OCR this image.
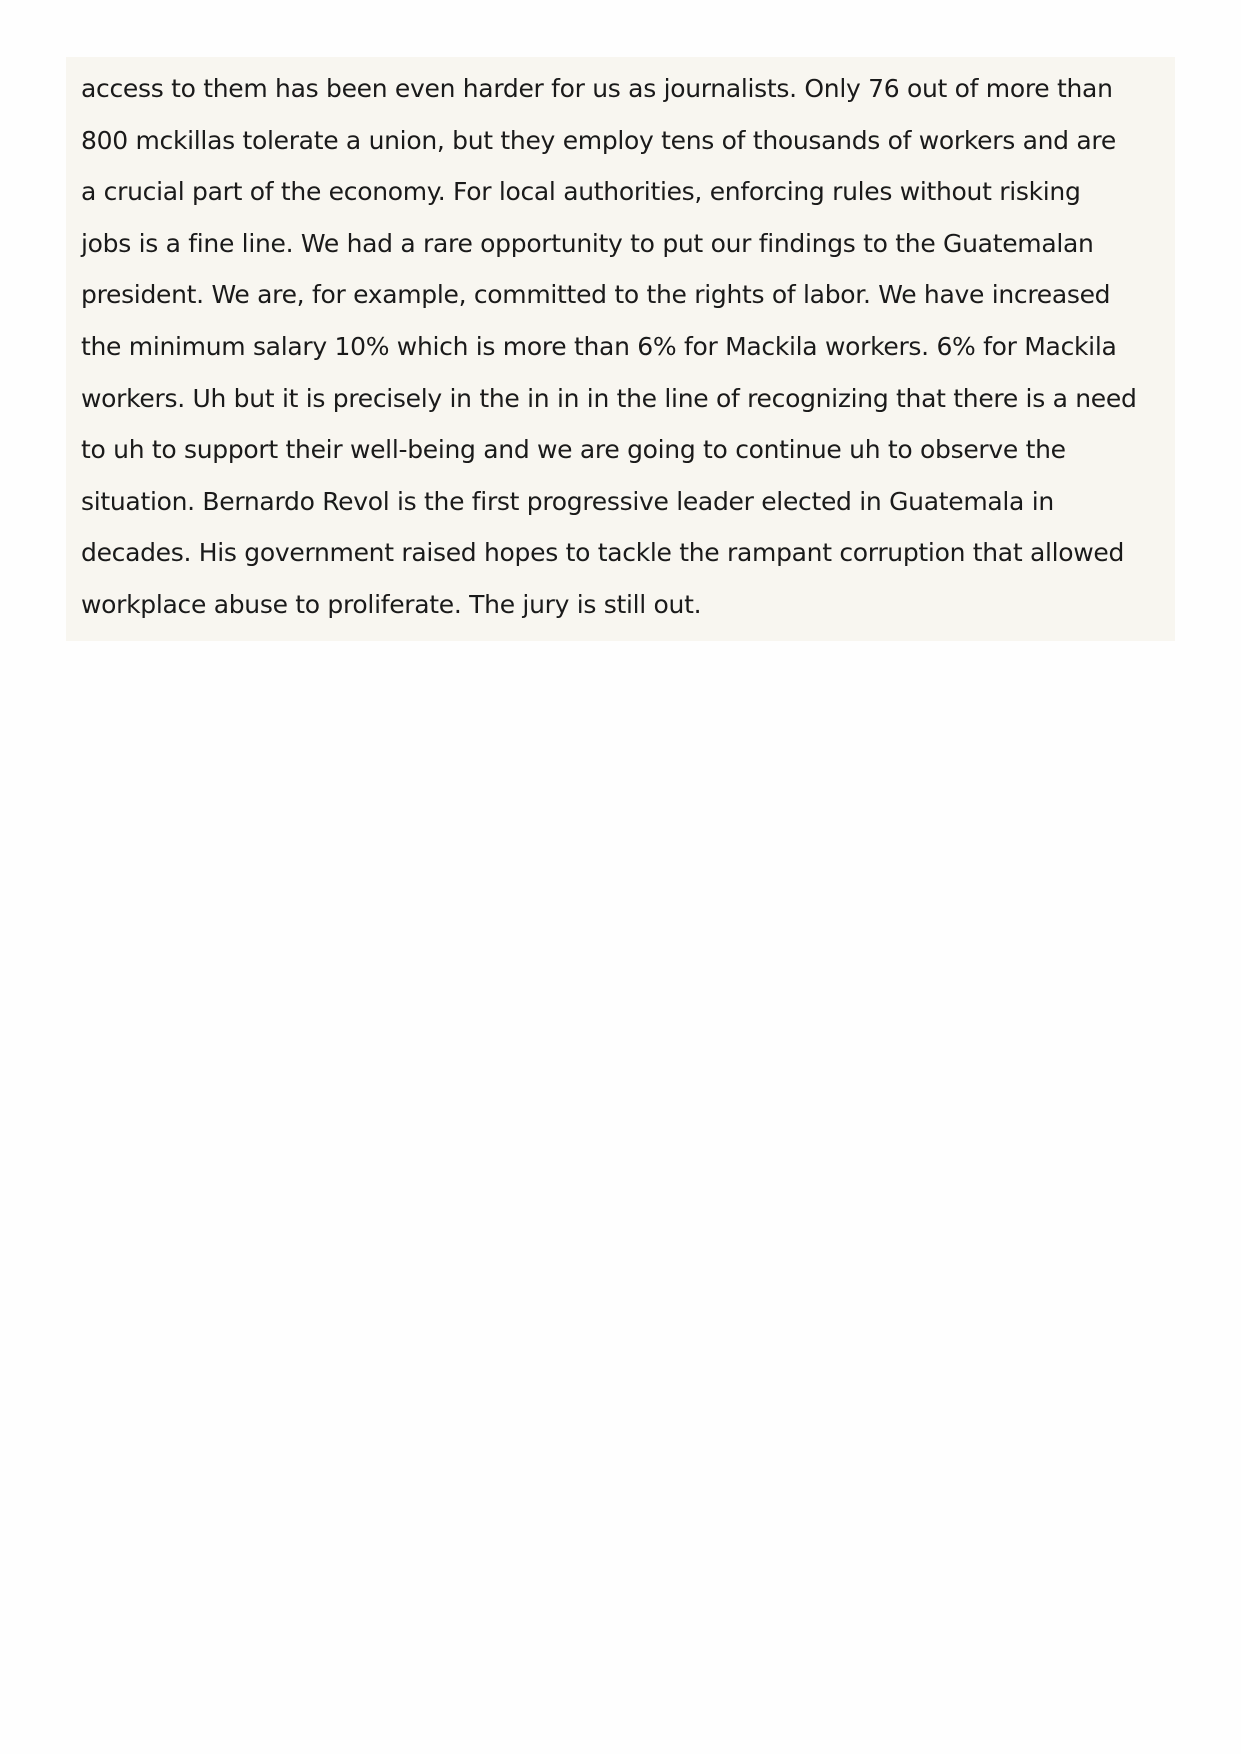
access to them has been even harder for us as journalists. Only 76 out of more than
800 mckillas tolerate a union, but they employ tens of thousands of workers and are
a crucial part of the economy. For local authorities, enforcing rules without risking
jobs is a fine line. We had a rare opportunity to put our findings to the Guatemalan
president. We are, for example, committed to the rights of labor. We have increased
the minimum salary 10% which is more than 6% for Mackila workers. 6% for Mackila
workers. Uh but it is precisely in the in in in the line of recognizing that there is a need
to uh to support their well-being and we are going to continue uh to observe the
situation. Bernardo Revol is the first progressive leader elected in Guatemala in
decades. His government raised hopes to tackle the rampant corruption that allowed
workplace abuse to proliferate. The jury is still out.
